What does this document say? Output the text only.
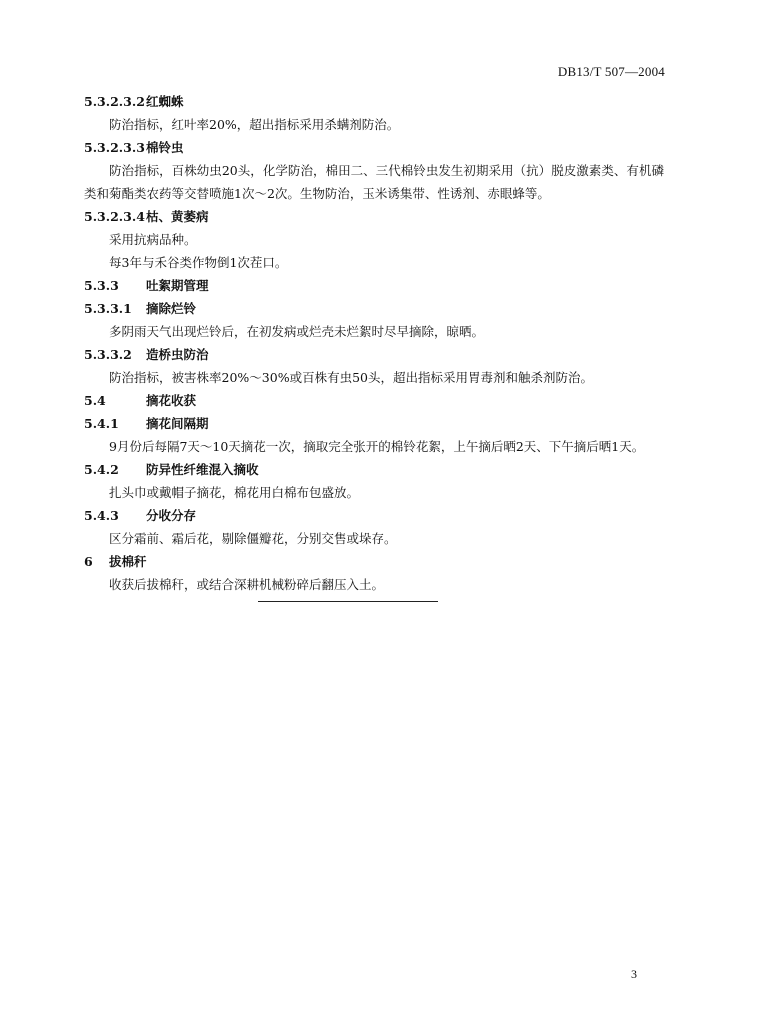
DB13/T 507—2004
5.3.2.3.2红蜘蛛
防治指标，红叶率20%，超出指标采用杀螨剂防治。
5.3.2.3.3棉铃虫
防治指标，百株幼虫20头，化学防治，棉田二、三代棉铃虫发生初期采用（抗）脱皮激素类、有机磷类和菊酯类农药等交替喷施1次～2次。生物防治，玉米诱集带、性诱剂、赤眼蜂等。
5.3.2.3.4枯、黄萎病
采用抗病品种。
每3年与禾谷类作物倒1次茬口。
5.3.3 吐絮期管理
5.3.3.1 摘除烂铃
多阴雨天气出现烂铃后，在初发病或烂壳未烂絮时尽早摘除，晾晒。
5.3.3.2 造桥虫防治
防治指标，被害株率20%～30%或百株有虫50头，超出指标采用胃毒剂和触杀剂防治。
5.4	摘花收获
5.4.1 摘花间隔期
9月份后每隔7天～10天摘花一次，摘取完全张开的棉铃花絮，上午摘后晒2天、下午摘后晒1天。
5.4.2 防异性纤维混入摘收
扎头巾或戴帽子摘花，棉花用白棉布包盛放。
5.4.3 分收分存
区分霜前、霜后花，剔除僵瓣花，分别交售或垛存。
6 拔棉秆
收获后拔棉秆，或结合深耕机械粉碎后翻压入土。
3
